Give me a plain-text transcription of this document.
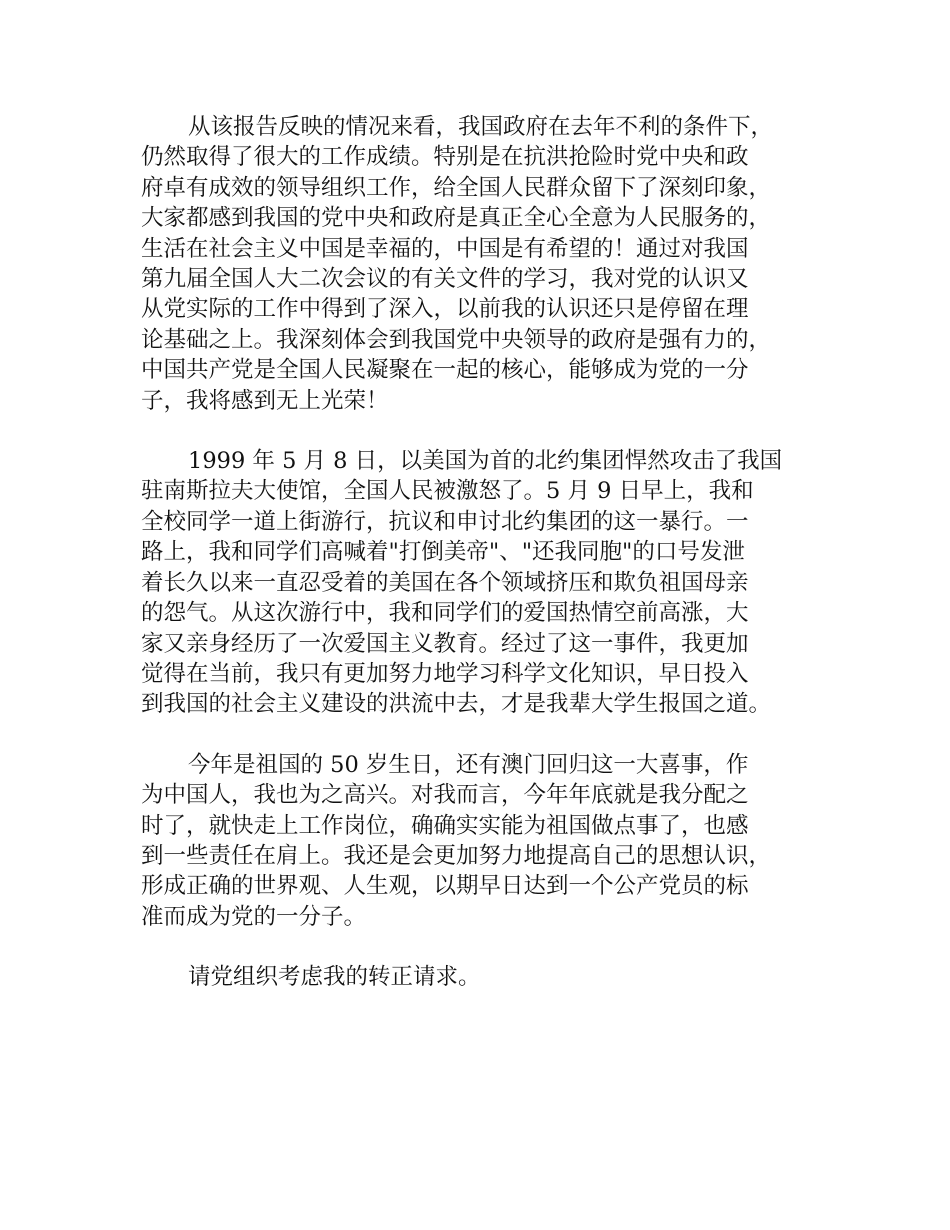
从该报告反映的情况来看，我国政府在去年不利的条件下，
仍然取得了很大的工作成绩。特别是在抗洪抢险时党中央和政
府卓有成效的领导组织工作，给全国人民群众留下了深刻印象，
大家都感到我国的党中央和政府是真正全心全意为人民服务的，
生活在社会主义中国是幸福的，中国是有希望的！通过对我国
第九届全国人大二次会议的有关文件的学习，我对党的认识又
从党实际的工作中得到了深入，以前我的认识还只是停留在理
论基础之上。我深刻体会到我国党中央领导的政府是强有力的，
中国共产党是全国人民凝聚在一起的核心，能够成为党的一分
子，我将感到无上光荣！

1999 年 5 月 8 日，以美国为首的北约集团悍然攻击了我国
驻南斯拉夫大使馆，全国人民被激怒了。5 月 9 日早上，我和
全校同学一道上街游行，抗议和申讨北约集团的这一暴行。一
路上，我和同学们高喊着"打倒美帝"、"还我同胞"的口号发泄
着长久以来一直忍受着的美国在各个领域挤压和欺负祖国母亲
的怨气。从这次游行中，我和同学们的爱国热情空前高涨，大
家又亲身经历了一次爱国主义教育。经过了这一事件，我更加
觉得在当前，我只有更加努力地学习科学文化知识，早日投入
到我国的社会主义建设的洪流中去，才是我辈大学生报国之道。

今年是祖国的 50 岁生日，还有澳门回归这一大喜事，作
为中国人，我也为之高兴。对我而言，今年年底就是我分配之
时了，就快走上工作岗位，确确实实能为祖国做点事了，也感
到一些责任在肩上。我还是会更加努力地提高自己的思想认识，
形成正确的世界观、人生观，以期早日达到一个公产党员的标
准而成为党的一分子。

请党组织考虑我的转正请求。
